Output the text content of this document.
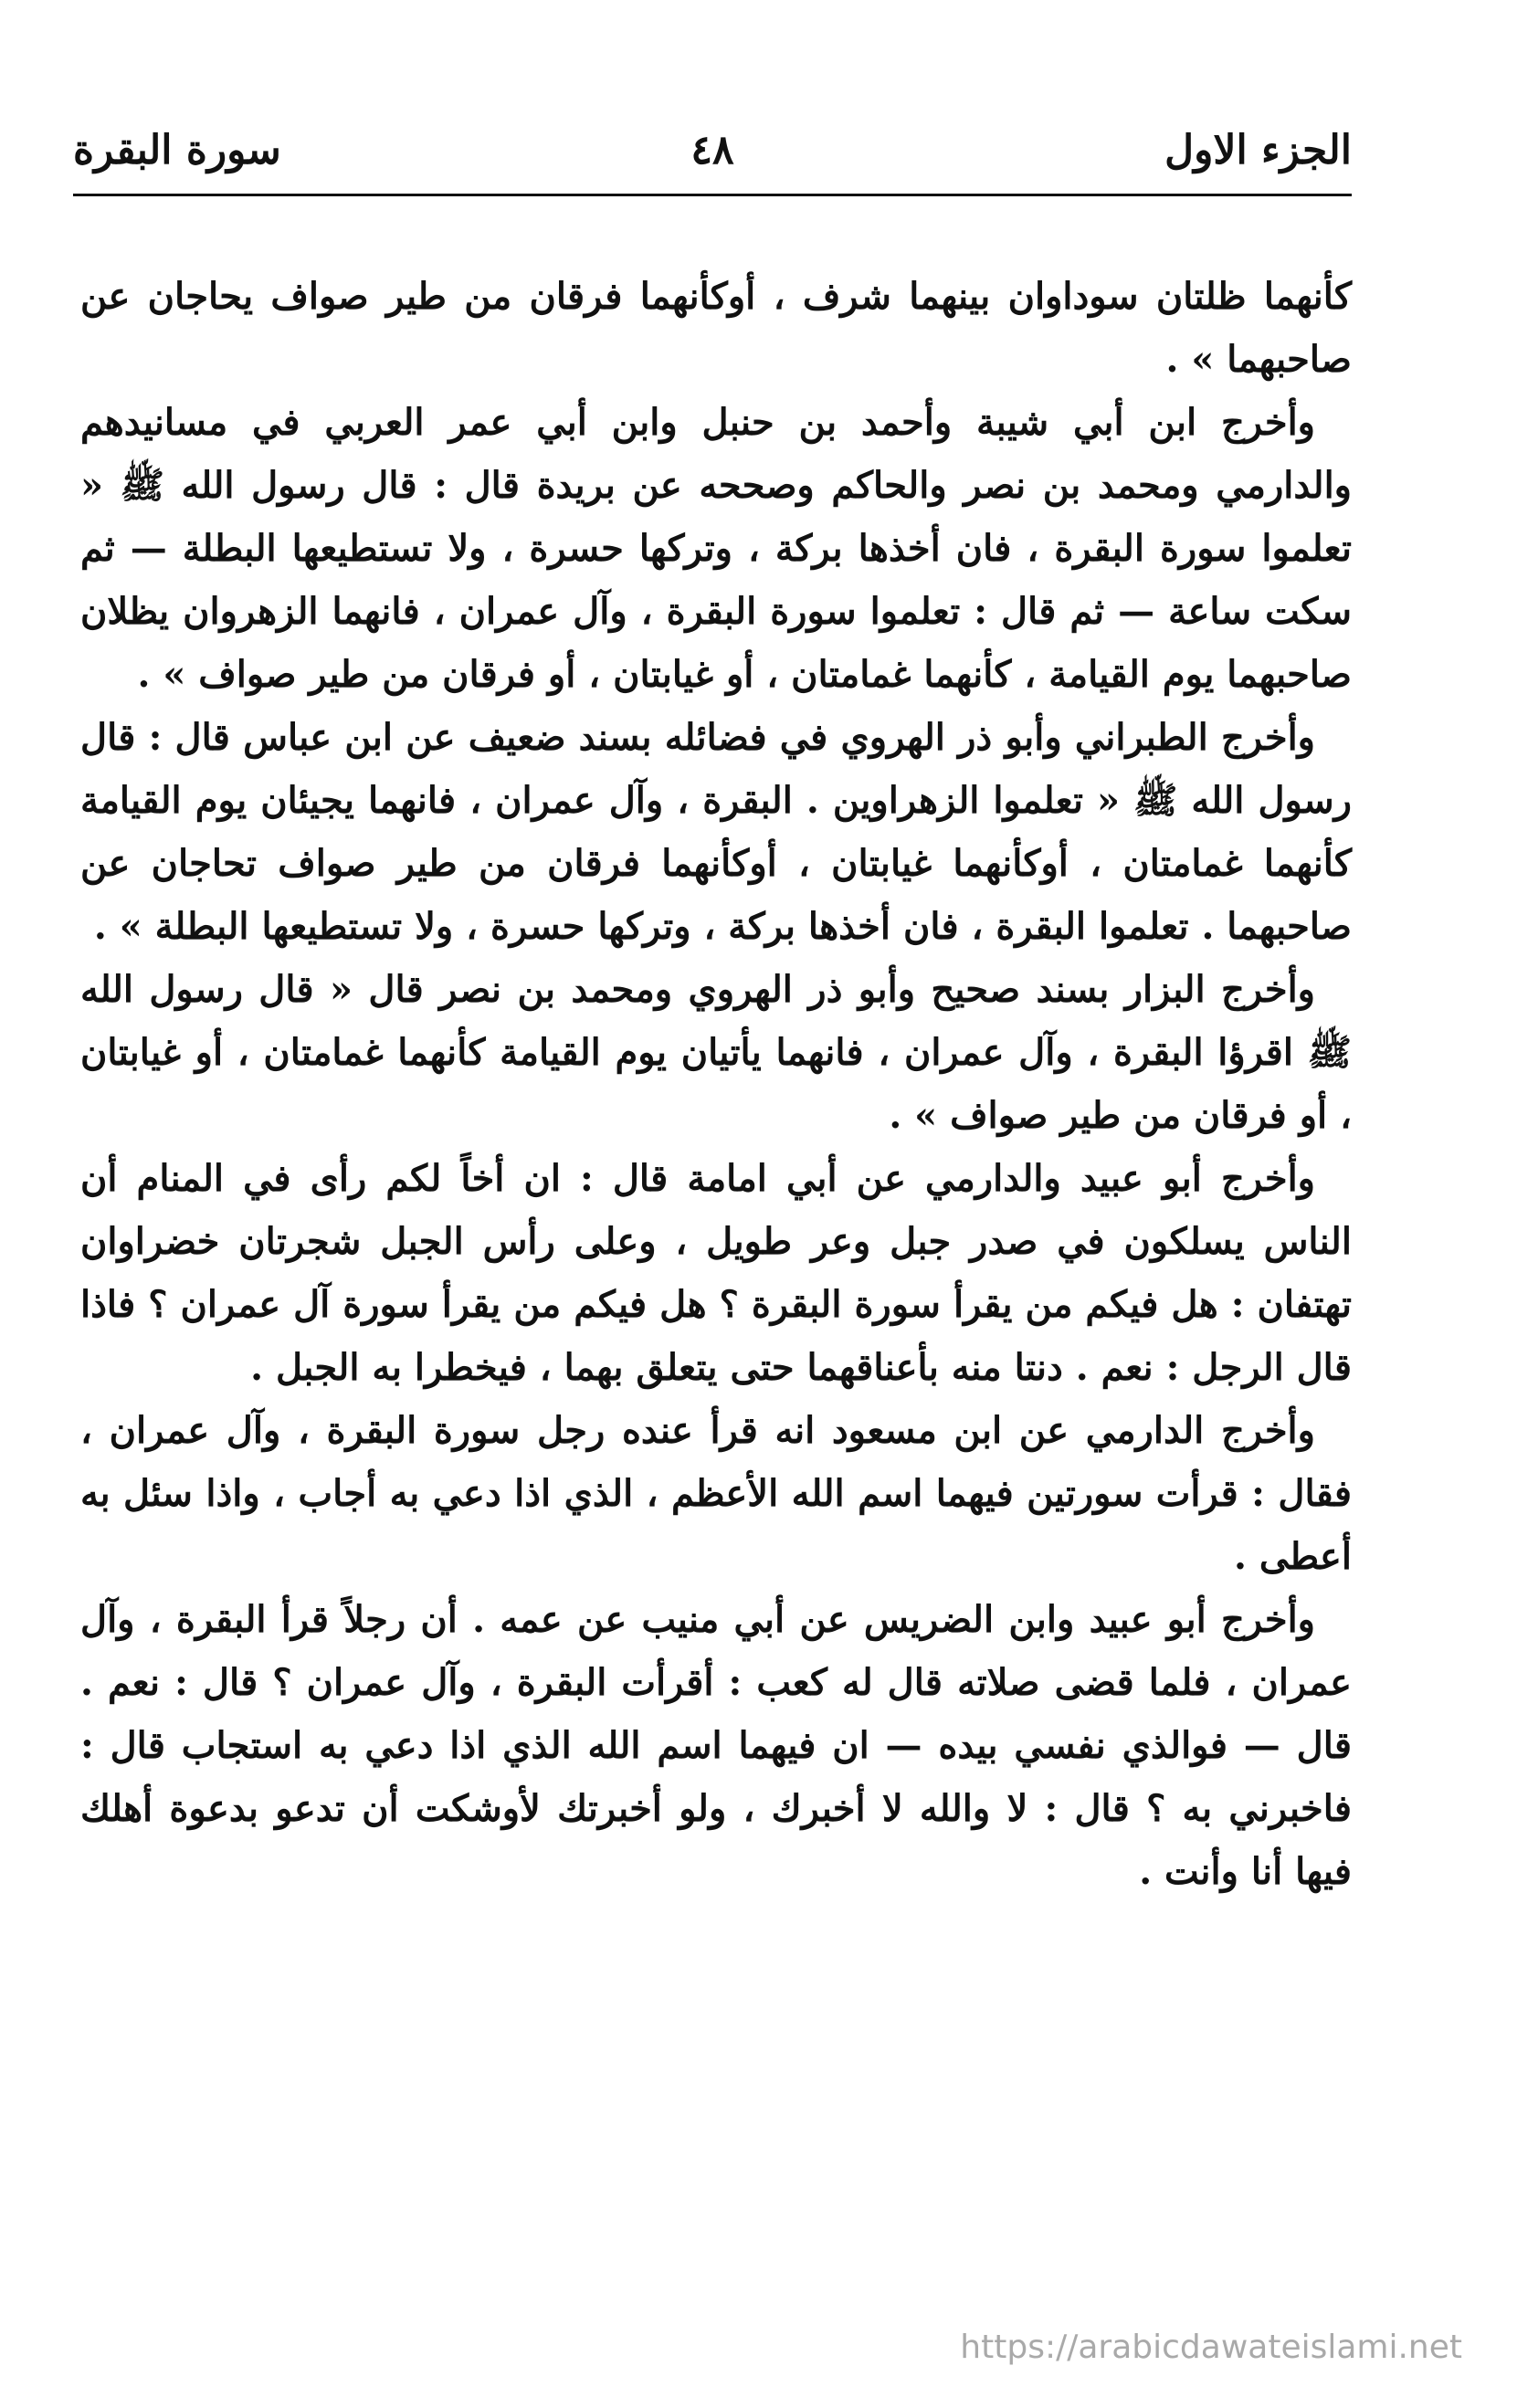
الجزء الاول
٤٨
سورة البقرة

كأنهما ظلتان سوداوان بينهما شرف ، أوكأنهما فرقان من طير صواف يحاجان عن صاحبهما » .

وأخرج ابن أبي شيبة وأحمد بن حنبل وابن أبي عمر العربي في مسانيدهم والدارمي ومحمد بن نصر والحاكم وصححه عن بريدة قال : قال رسول الله ﷺ « تعلموا سورة البقرة ، فان أخذها بركة ، وتركها حسرة ، ولا تستطيعها البطلة — ثم سكت ساعة — ثم قال : تعلموا سورة البقرة ، وآل عمران ، فانهما الزهروان يظلان صاحبهما يوم القيامة ، كأنهما غمامتان ، أو غيابتان ، أو فرقان من طير صواف » .

وأخرج الطبراني وأبو ذر الهروي في فضائله بسند ضعيف عن ابن عباس قال : قال رسول الله ﷺ « تعلموا الزهراوين . البقرة ، وآل عمران ، فانهما يجيئان يوم القيامة كأنهما غمامتان ، أوكأنهما غيابتان ، أوكأنهما فرقان من طير صواف تحاجان عن صاحبهما . تعلموا البقرة ، فان أخذها بركة ، وتركها حسرة ، ولا تستطيعها البطلة » .

وأخرج البزار بسند صحيح وأبو ذر الهروي ومحمد بن نصر قال « قال رسول الله ﷺ اقرؤا البقرة ، وآل عمران ، فانهما يأتيان يوم القيامة كأنهما غمامتان ، أو غيابتان ، أو فرقان من طير صواف » .

وأخرج أبو عبيد والدارمي عن أبي امامة قال : ان أخاً لكم رأى في المنام أن الناس يسلكون في صدر جبل وعر طويل ، وعلى رأس الجبل شجرتان خضراوان تهتفان : هل فيكم من يقرأ سورة البقرة ؟ هل فيكم من يقرأ سورة آل عمران ؟ فاذا قال الرجل : نعم . دنتا منه بأعناقهما حتى يتعلق بهما ، فيخطرا به الجبل .

وأخرج الدارمي عن ابن مسعود انه قرأ عنده رجل سورة البقرة ، وآل عمران ، فقال : قرأت سورتين فيهما اسم الله الأعظم ، الذي اذا دعي به أجاب ، واذا سئل به أعطى .

وأخرج أبو عبيد وابن الضريس عن أبي منيب عن عمه . أن رجلاً قرأ البقرة ، وآل عمران ، فلما قضى صلاته قال له كعب : أقرأت البقرة ، وآل عمران ؟ قال : نعم . قال — فوالذي نفسي بيده — ان فيهما اسم الله الذي اذا دعي به استجاب قال : فاخبرني به ؟ قال : لا والله لا أخبرك ، ولو أخبرتك لأوشكت أن تدعو بدعوة أهلك فيها أنا وأنت .

https://arabicdawateislami.net
